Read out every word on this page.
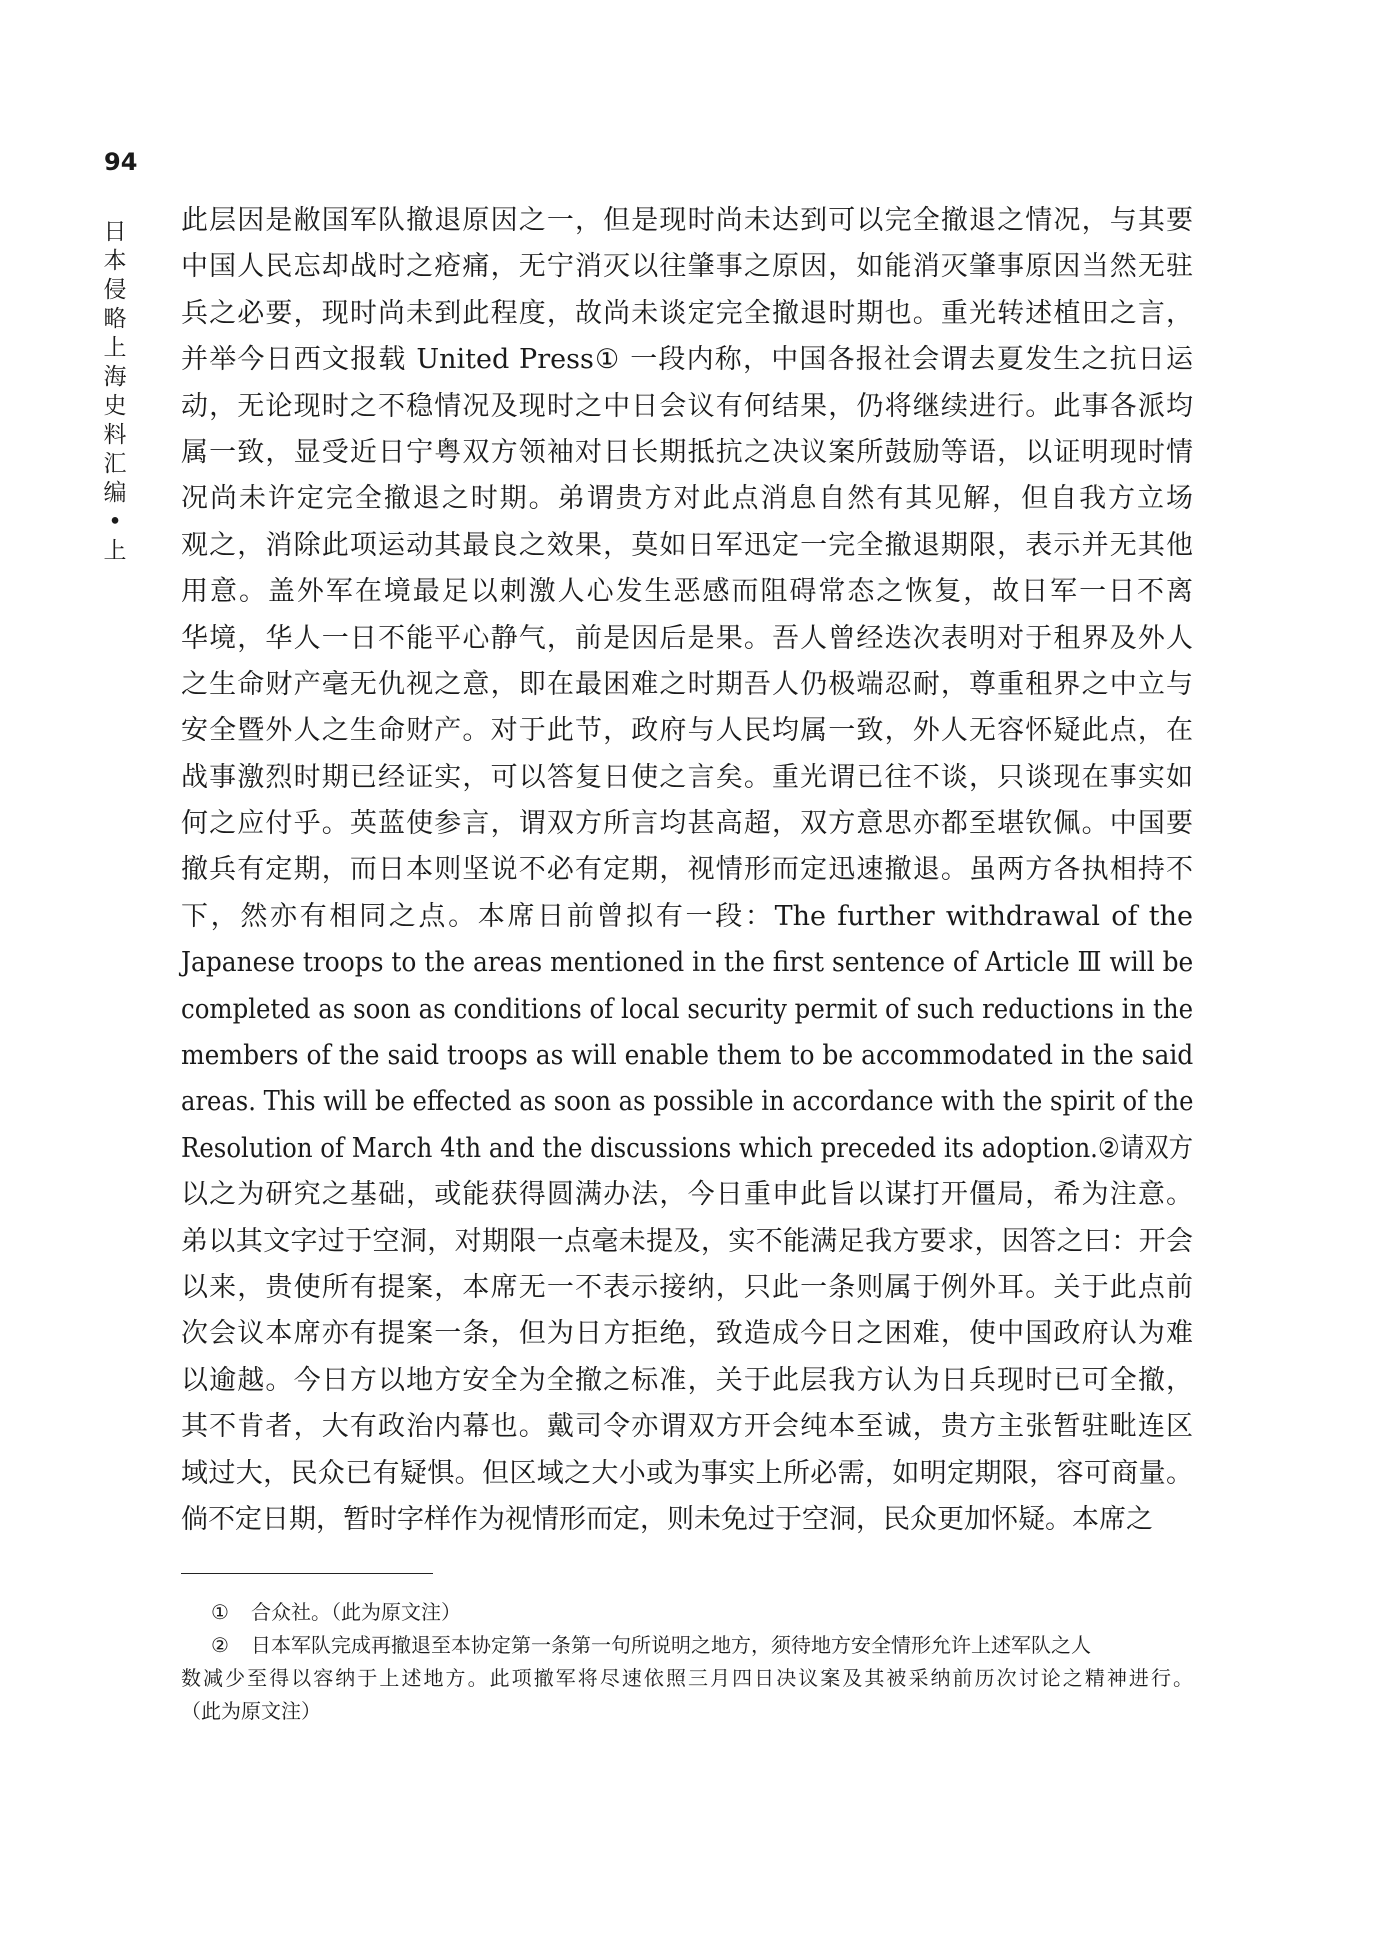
94
日本侵略上海史料汇编•上
此层因是敝国军队撤退原因之一，但是现时尚未达到可以完全撤退之情况，与其要
中国人民忘却战时之疮痛，无宁消灭以往肇事之原因，如能消灭肇事原因当然无驻
兵之必要，现时尚未到此程度，故尚未谈定完全撤退时期也。重光转述植田之言，
并举今日西文报载 United Press① 一段内称，中国各报社会谓去夏发生之抗日运
动，无论现时之不稳情况及现时之中日会议有何结果，仍将继续进行。此事各派均
属一致，显受近日宁粤双方领袖对日长期抵抗之决议案所鼓励等语，以证明现时情
况尚未许定完全撤退之时期。弟谓贵方对此点消息自然有其见解，但自我方立场
观之，消除此项运动其最良之效果，莫如日军迅定一完全撤退期限，表示并无其他
用意。盖外军在境最足以刺激人心发生恶感而阻碍常态之恢复，故日军一日不离
华境，华人一日不能平心静气，前是因后是果。吾人曾经迭次表明对于租界及外人
之生命财产毫无仇视之意，即在最困难之时期吾人仍极端忍耐，尊重租界之中立与
安全暨外人之生命财产。对于此节，政府与人民均属一致，外人无容怀疑此点，在
战事激烈时期已经证实，可以答复日使之言矣。重光谓已往不谈，只谈现在事实如
何之应付乎。英蓝使参言，谓双方所言均甚高超，双方意思亦都至堪钦佩。中国要
撤兵有定期，而日本则坚说不必有定期，视情形而定迅速撤退。虽两方各执相持不
下，然亦有相同之点。本席日前曾拟有一段：The further withdrawal of the
Japanese troops to the areas mentioned in the first sentence of Article Ⅲ will be
completed as soon as conditions of local security permit of such reductions in the
members of the said troops as will enable them to be accommodated in the said
areas. This will be effected as soon as possible in accordance with the spirit of the
Resolution of March 4th and the discussions which preceded its adoption.②请双方
以之为研究之基础，或能获得圆满办法，今日重申此旨以谋打开僵局，希为注意。
弟以其文字过于空洞，对期限一点毫未提及，实不能满足我方要求，因答之曰：开会
以来，贵使所有提案，本席无一不表示接纳，只此一条则属于例外耳。关于此点前
次会议本席亦有提案一条，但为日方拒绝，致造成今日之困难，使中国政府认为难
以逾越。今日方以地方安全为全撤之标准，关于此层我方认为日兵现时已可全撤，
其不肯者，大有政治内幕也。戴司令亦谓双方开会纯本至诚，贵方主张暂驻毗连区
域过大，民众已有疑惧。但区域之大小或为事实上所必需，如明定期限，容可商量。
倘不定日期，暂时字样作为视情形而定，则未免过于空洞，民众更加怀疑。本席之
① 合众社。（此为原文注）
② 日本军队完成再撤退至本协定第一条第一句所说明之地方，须待地方安全情形允许上述军队之人
数减少至得以容纳于上述地方。此项撤军将尽速依照三月四日决议案及其被采纳前历次讨论之精神进行。
（此为原文注）
